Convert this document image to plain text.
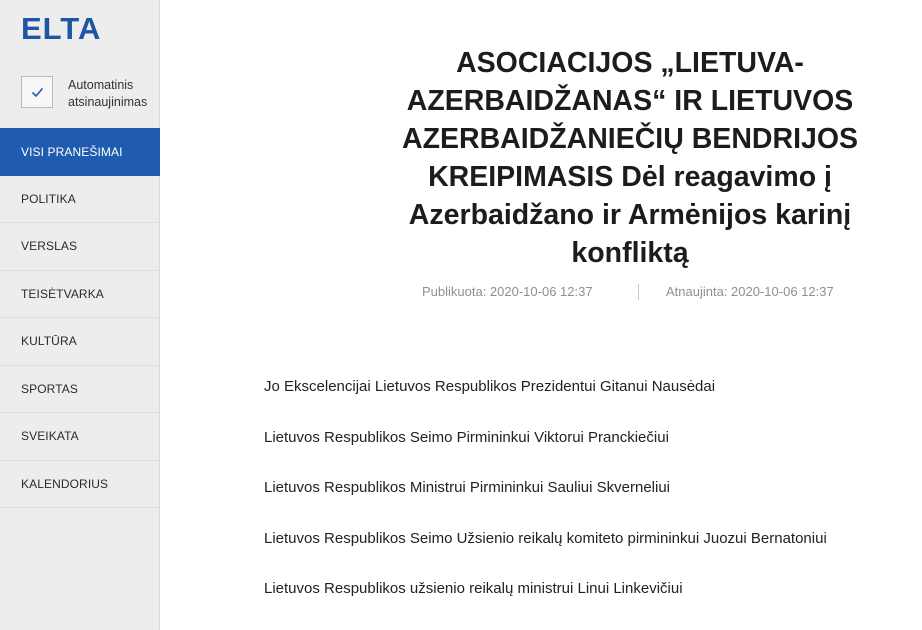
ELTA
Automatinis atsinaujinimas
VISI PRANEŠIMAI
POLITIKA
VERSLAS
TEISĖTVARKA
KULTŪRA
SPORTAS
SVEIKATA
KALENDORIUS
ASOCIACIJOS „LIETUVA-AZERBAIDŽANAS“ IR LIETUVOS AZERBAIDŽANIEČIŲ BENDRIJOS KREIPIMASIS Dėl reagavimo į Azerbaidžano ir Armėnijos karinį konfliktą
Publikuota: 2020-10-06 12:37	Atnaujinta: 2020-10-06 12:37

Jo Ekscelencijai Lietuvos Respublikos Prezidentui Gitanui Nausėdai

Lietuvos Respublikos Seimo Pirmininkui Viktorui Pranckiečiui

Lietuvos Respublikos Ministrui Pirmininkui Sauliui Skverneliui

Lietuvos Respublikos Seimo Užsienio reikalų komiteto pirmininkui Juozui Bernatoniui

Lietuvos Respublikos užsienio reikalų ministrui Linui Linkevičiui
